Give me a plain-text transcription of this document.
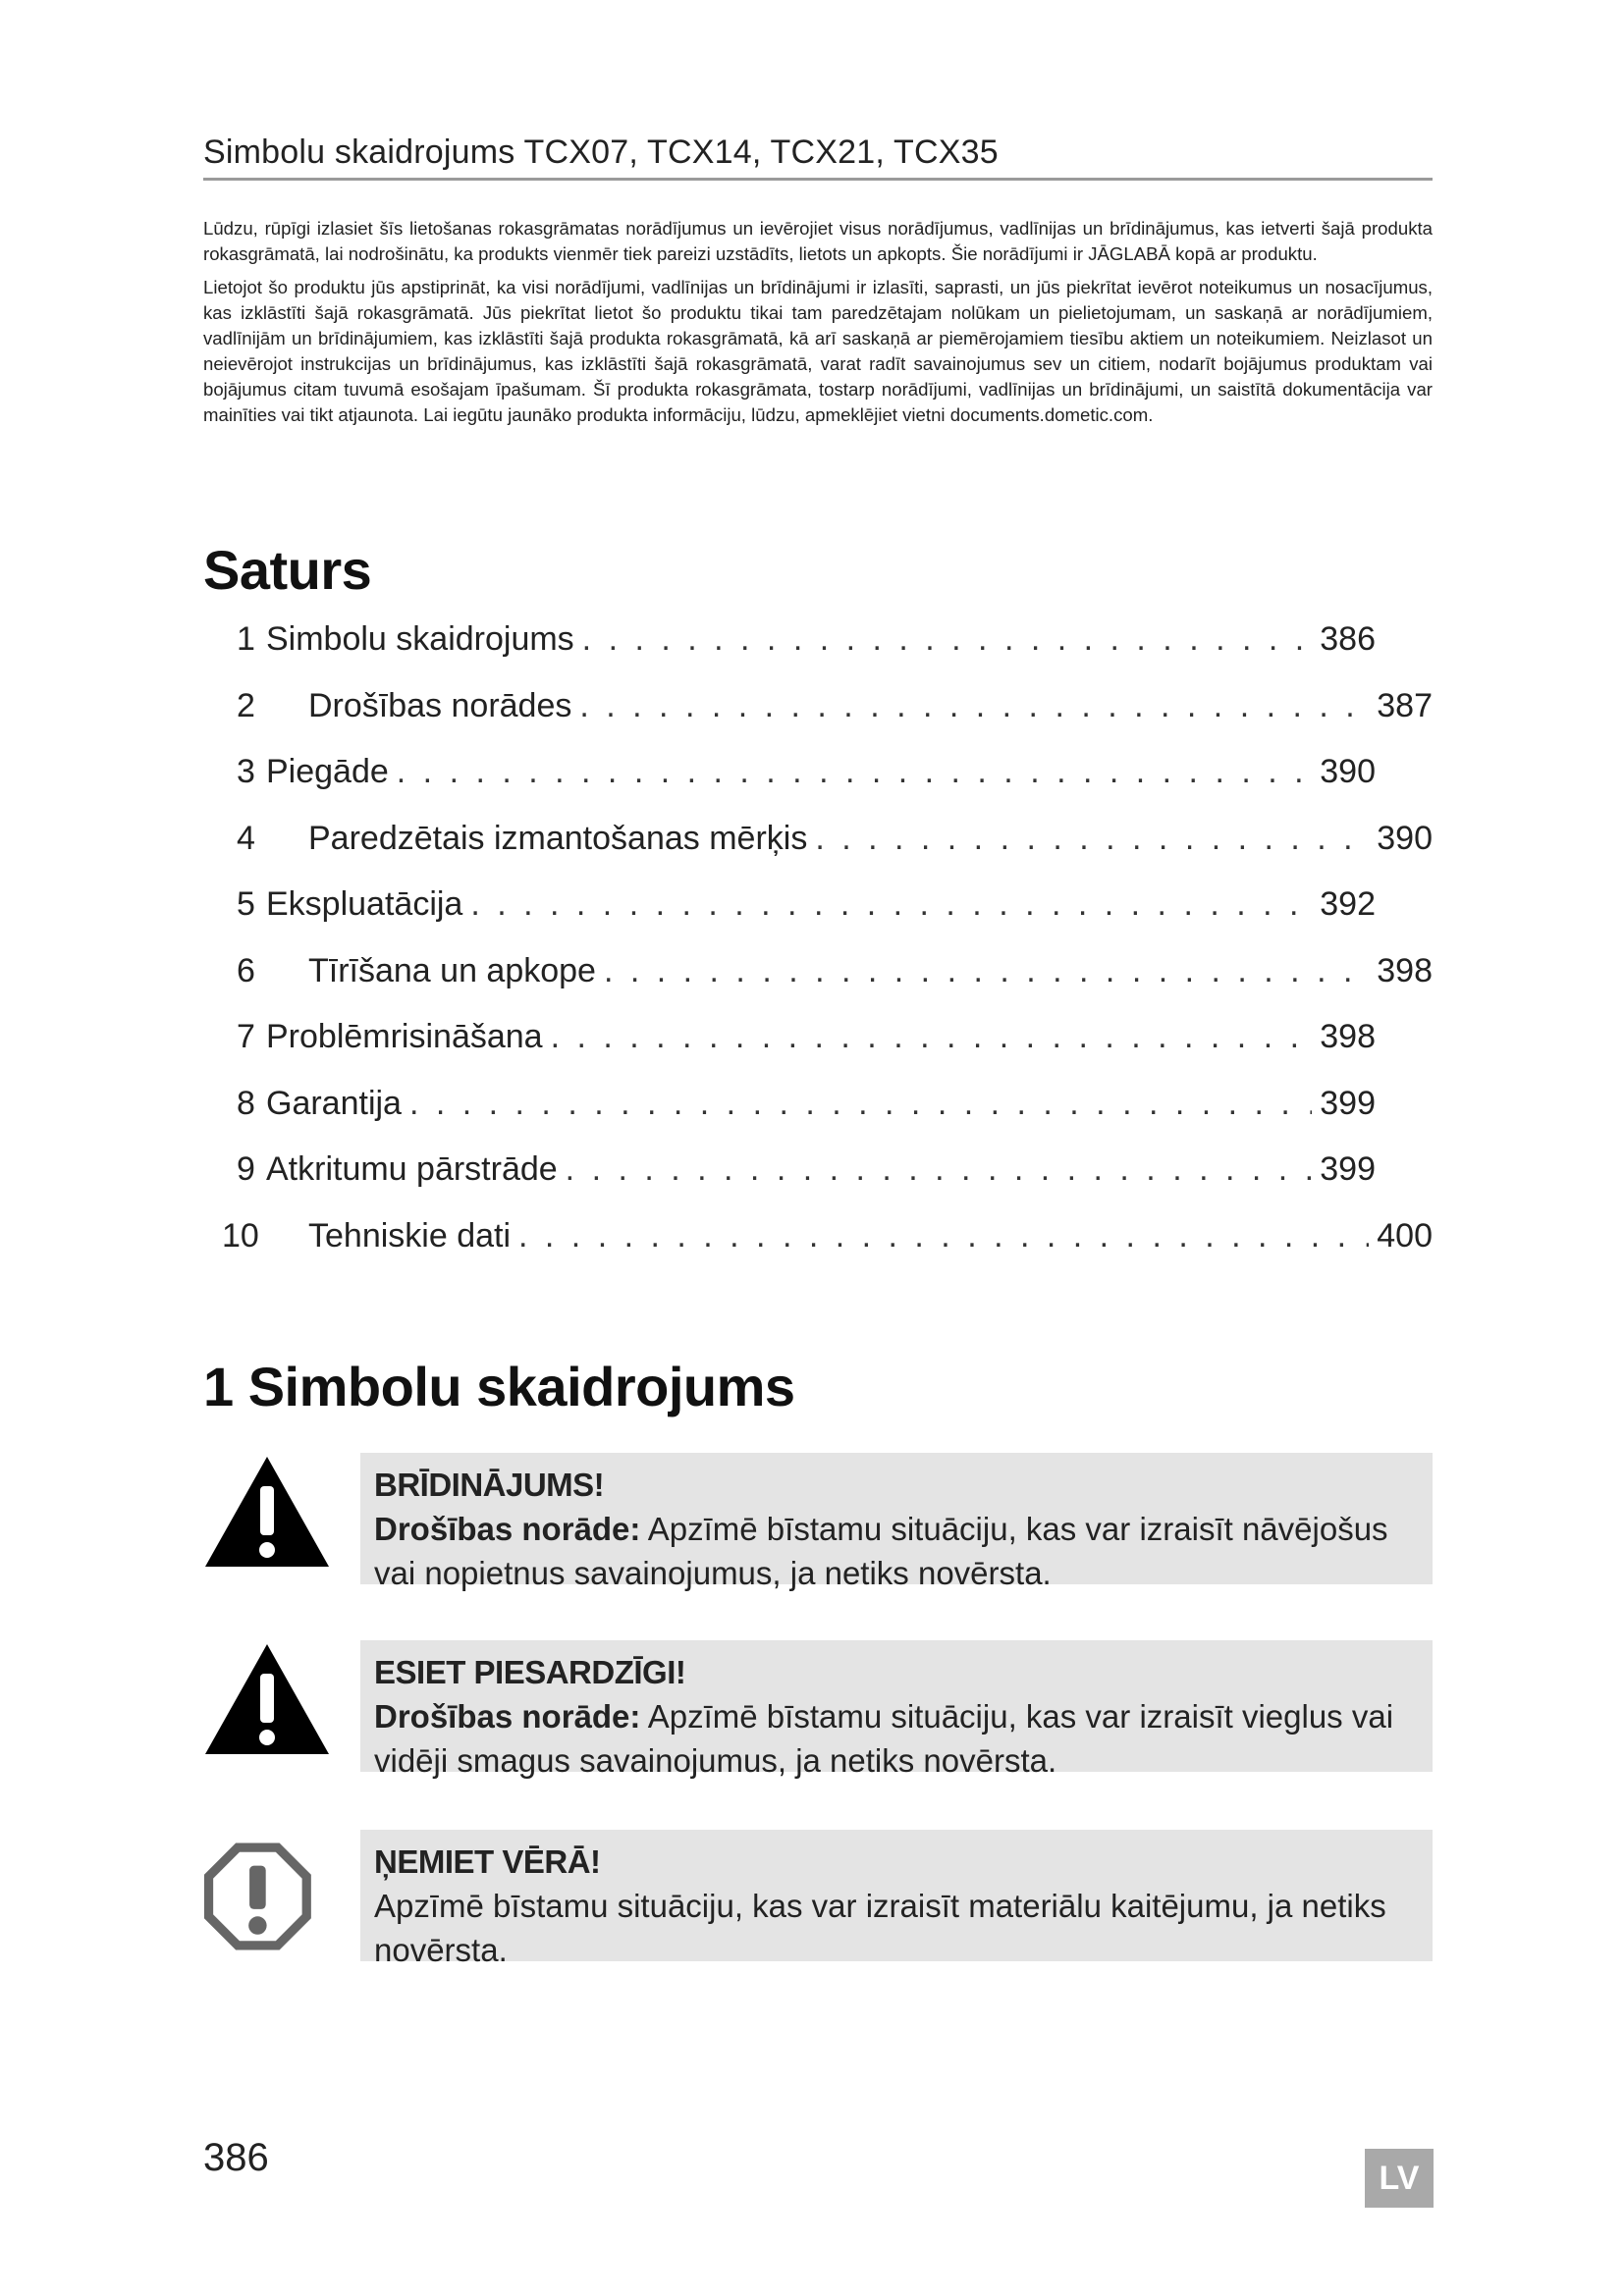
Simbolu skaidrojums TCX07, TCX14, TCX21, TCX35

Lūdzu, rūpīgi izlasiet šīs lietošanas rokasgrāmatas norādījumus un ievērojiet visus norādījumus, vadlīnijas un brīdinājumus, kas ietverti šajā produkta rokasgrāmatā, lai nodrošinātu, ka produkts vienmēr tiek pareizi uzstādīts, lietots un apkopts. Šie norādījumi ir JĀGLABĀ kopā ar produktu.

Lietojot šo produktu jūs apstiprināt, ka visi norādījumi, vadlīnijas un brīdinājumi ir izlasīti, saprasti, un jūs piekrītat ievērot noteikumus un nosacījumus, kas izklāstīti šajā rokasgrāmatā. Jūs piekrītat lietot šo produktu tikai tam paredzētajam nolūkam un pielietojumam, un saskaņā ar norādījumiem, vadlīnijām un brīdinājumiem, kas izklāstīti šajā produkta rokasgrāmatā, kā arī saskaņā ar piemērojamiem tiesību aktiem un noteikumiem. Neizlasot un neievērojot instrukcijas un brīdinājumus, kas izklāstīti šajā rokasgrāmatā, varat radīt savainojumus sev un citiem, nodarīt bojājumus produktam vai bojājumus citam tuvumā esošajam īpašumam. Šī produkta rokasgrāmata, tostarp norādījumi, vadlīnijas un brīdinājumi, un saistītā dokumentācija var mainīties vai tikt atjaunota. Lai iegūtu jaunāko produkta informāciju, lūdzu, apmeklējiet vietni documents.dometic.com.

Saturs
1 Simbolu skaidrojums . . .	386
2	Drošības norādes . . .	387
3 Piegāde . . .	390
4	Paredzētais izmantošanas mērķis . . .	390
5 Ekspluatācija . . .	392
6	Tīrīšana un apkope . . .	398
7 Problēmrisināšana . . .	398
8 Garantija . . .	399
9 Atkritumu pārstrāde . . .	399
10	Tehniskie dati . . .	400
1 Simbolu skaidrojums
BRĪDINĀJUMS!
Drošības norāde: Apzīmē bīstamu situāciju, kas var izraisīt nāvējošus vai nopietnus savainojumus, ja netiks novērsta.
ESIET PIESARDZĪGI!
Drošības norāde: Apzīmē bīstamu situāciju, kas var izraisīt vieglus vai vidēji smagus savainojumus, ja netiks novērsta.
ŅEMIET VĒRĀ!
Apzīmē bīstamu situāciju, kas var izraisīt materiālu kaitējumu, ja netiks novērsta.
386	LV
